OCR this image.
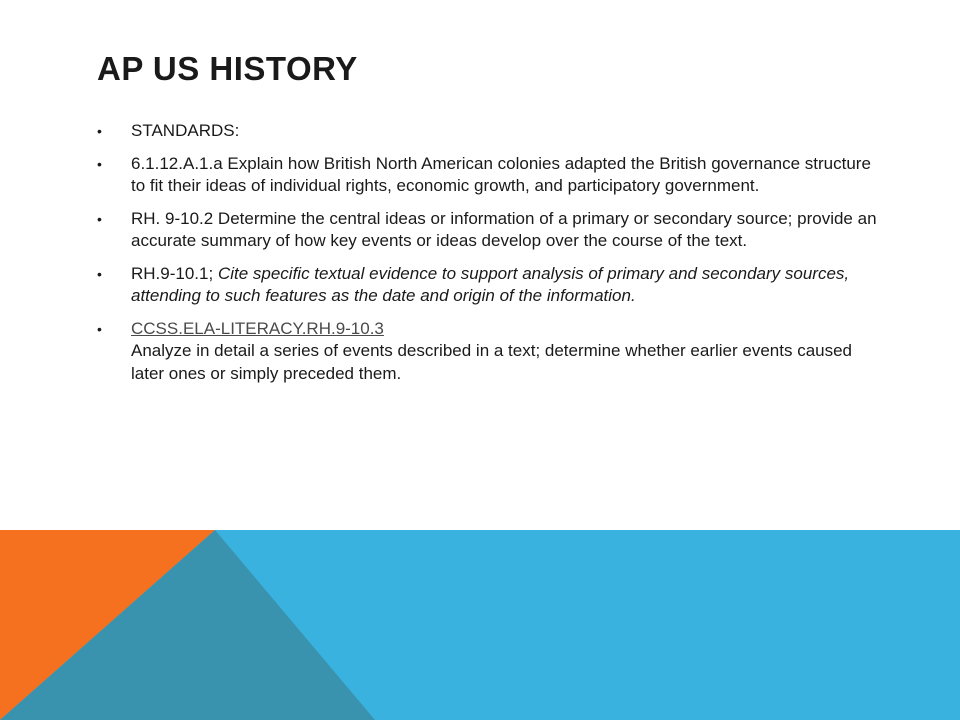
AP US HISTORY
• STANDARDS:
• 6.1.12.A.1.a Explain how British North American colonies adapted the British governance structure to fit their ideas of individual rights, economic growth, and participatory government.
• RH. 9-10.2 Determine the central ideas or information of a primary or secondary source; provide an accurate summary of how key events or ideas develop over the course of the text.
• RH.9-10.1; Cite specific textual evidence to support analysis of primary and secondary sources, attending to such features as the date and origin of the information.
• CCSS.ELA-LITERACY.RH.9-10.3
Analyze in detail a series of events described in a text; determine whether earlier events caused later ones or simply preceded them.
